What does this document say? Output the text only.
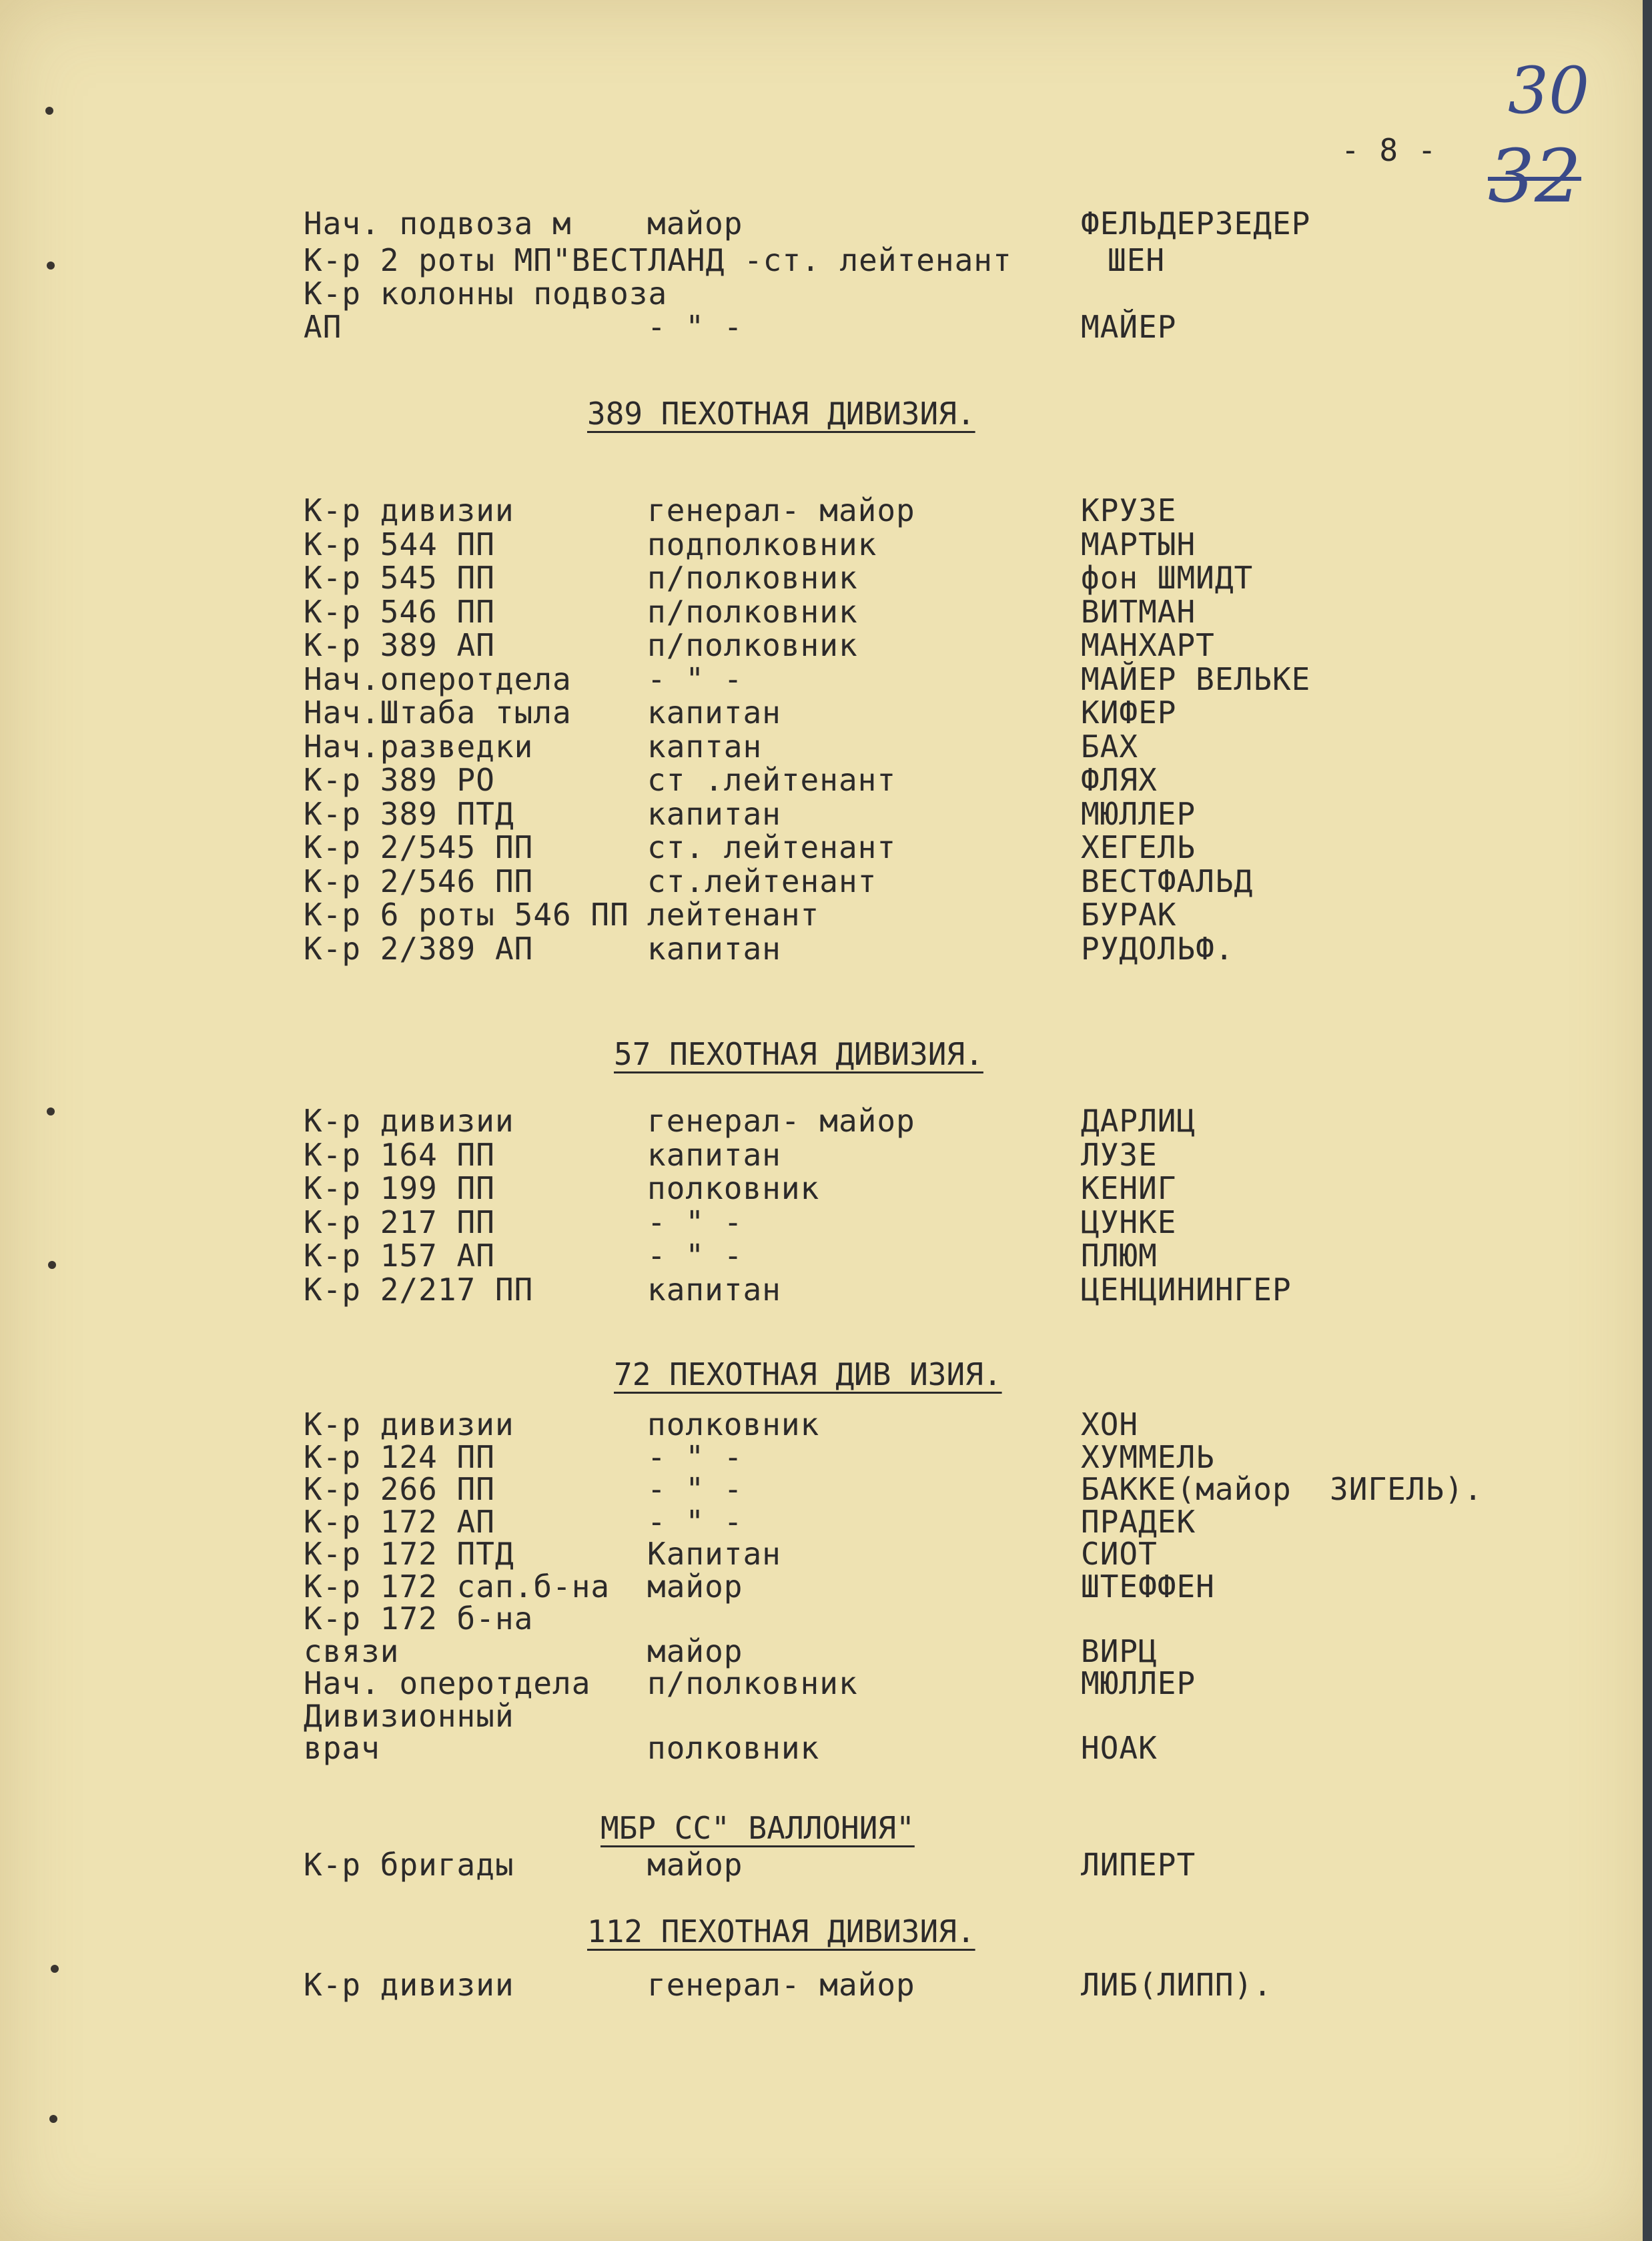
30
32
- 8 -
Нач. подвоза м майор	ФЕЛЬДЕРЗЕДЕР
К-р 2 роты МП"ВЕСТЛАНД -ст. лейтенант	ШЕН
К-р колонны подвоза
АП	- " -	МАЙЕР
389 ПЕХОТНАЯ ДИВИЗИЯ.
К-р дивизии	генерал- майор	КРУЗЕ
К-р 544 ПП	подполковник	МАРТЫН
К-р 545 ПП	п/полковник	фон ШМИДТ
К-р 546 ПП	п/полковник	ВИТМАН
К-р 389 АП	п/полковник	МАНХАРТ
Нач.оперотдела - " -	МАЙЕР ВЕЛЬКЕ
Нач.Штаба тыла капитан	КИФЕР
Нач.разведки	каптан	БАХ
К-р 389 РО	ст .лейтенант	ФЛЯХ
К-р 389 ПТД	капитан	МЮЛЛЕР
К-р 2/545 ПП	ст. лейтенант	ХЕГЕЛЬ
К-р 2/546 ПП	ст.лейтенант	ВЕСТФАЛЬД
К-р 6 роты 546 ПП лейтенант	БУРАК
К-р 2/389 АП	капитан	РУДОЛЬФ.
57 ПЕХОТНАЯ ДИВИЗИЯ.
К-р дивизии	генерал- майор	ДАРЛИЦ
К-р 164 ПП	капитан	ЛУЗЕ
К-р 199 ПП	полковник	КЕНИГ
К-р 217 ПП	- " -	ЦУНКЕ
К-р 157 АП	- " -	ПЛЮМ
К-р 2/217 ПП	капитан	ЦЕНЦИНИНГЕР
72 ПЕХОТНАЯ ДИВ ИЗИЯ.
К-р дивизии	полковник	ХОН
К-р 124 ПП	- " -	ХУММЕЛЬ
К-р 266 ПП	- " -	БАККЕ(майор  ЗИГЕЛЬ).
К-р 172 АП	- " -	ПРАДЕК
К-р 172 ПТД	Капитан	СИОТ
К-р 172 сап.б-на майор	ШТЕФФЕН
К-р 172 б-на
связи	майор	ВИРЦ
Нач. оперотдела п/полковник	МЮЛЛЕР
Дивизионный
врач	полковник	НОАК
МБР СС" ВАЛЛОНИЯ"
К-р бригады	майор	ЛИПЕРТ
112 ПЕХОТНАЯ ДИВИЗИЯ.
К-р дивизии	генерал- майор	ЛИБ(ЛИПП).
